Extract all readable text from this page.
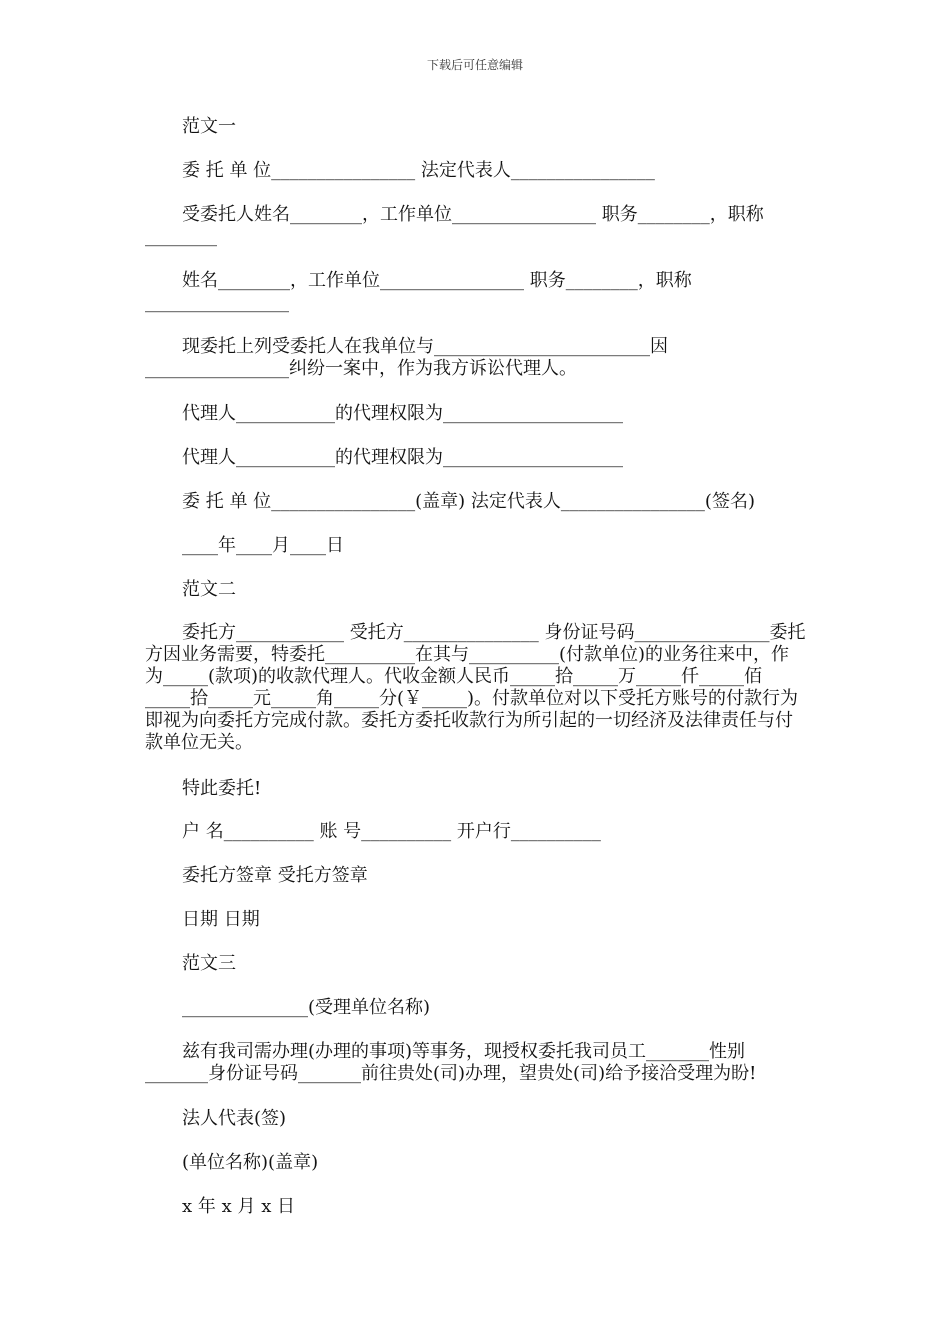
下载后可任意编辑

范文一

委 托 单 位________________ 法定代表人________________

受委托人姓名________，工作单位________________ 职务________，职称________

姓名________，工作单位________________ 职务________，职称________________

现委托上列受委托人在我单位与________________________因________________纠纷一案中，作为我方诉讼代理人。

代理人___________的代理权限为____________________

代理人___________的代理权限为____________________

委 托 单 位________________(盖章) 法定代表人________________(签名)

____年____月____日

范文二

委托方____________ 受托方_______________ 身份证号码_______________委托方因业务需要，特委托__________在其与__________(付款单位)的业务往来中，作为_____(款项)的收款代理人。代收金额人民币_____拾_____万_____仟_____佰_____拾_____元_____角_____分(￥_____)。付款单位对以下受托方账号的付款行为即视为向委托方完成付款。委托方委托收款行为所引起的一切经济及法律责任与付款单位无关。

特此委托!

户 名__________ 账 号__________ 开户行__________

委托方签章 受托方签章

日期 日期

范文三

______________(受理单位名称)

兹有我司需办理(办理的事项)等事务，现授权委托我司员工_______性别_______身份证号码_______前往贵处(司)办理，望贵处(司)给予接洽受理为盼!

法人代表(签)

(单位名称)(盖章)

x 年 x 月 x 日
